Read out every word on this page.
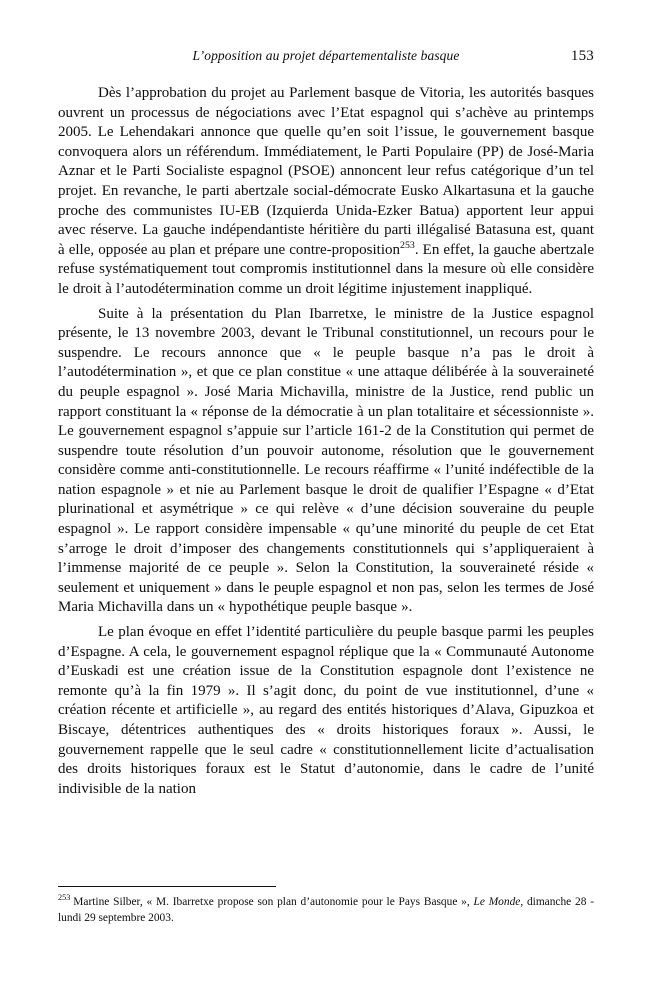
L’opposition au projet départementaliste basque	153

Dès l’approbation du projet au Parlement basque de Vitoria, les autorités basques ouvrent un processus de négociations avec l’Etat espagnol qui s’achève au printemps 2005. Le Lehendakari annonce que quelle qu’en soit l’issue, le gouvernement basque convoquera alors un référendum. Immédiatement, le Parti Populaire (PP) de José-Maria Aznar et le Parti Socialiste espagnol (PSOE) annoncent leur refus catégorique d’un tel projet. En revanche, le parti abertzale social-démocrate Eusko Alkartasuna et la gauche proche des communistes IU-EB (Izquierda Unida-Ezker Batua) apportent leur appui avec réserve. La gauche indépendantiste héritière du parti illégalisé Batasuna est, quant à elle, opposée au plan et prépare une contre-proposition$^{253}$. En effet, la gauche abertzale refuse systématiquement tout compromis institutionnel dans la mesure où elle considère le droit à l’autodétermination comme un droit légitime injustement inappliqué.

Suite à la présentation du Plan Ibarretxe, le ministre de la Justice espagnol présente, le 13 novembre 2003, devant le Tribunal constitutionnel, un recours pour le suspendre. Le recours annonce que « le peuple basque n’a pas le droit à l’autodétermination », et que ce plan constitue « une attaque délibérée à la souveraineté du peuple espagnol ». José Maria Michavilla, ministre de la Justice, rend public un rapport constituant la « réponse de la démocratie à un plan totalitaire et sécessionniste ». Le gouvernement espagnol s’appuie sur l’article 161-2 de la Constitution qui permet de suspendre toute résolution d’un pouvoir autonome, résolution que le gouvernement considère comme anti-constitutionnelle. Le recours réaffirme « l’unité indéfectible de la nation espagnole » et nie au Parlement basque le droit de qualifier l’Espagne « d’Etat plurinational et asymétrique » ce qui relève « d’une décision souveraine du peuple espagnol ». Le rapport considère impensable « qu’une minorité du peuple de cet Etat s’arroge le droit d’imposer des changements constitutionnels qui s’appliqueraient à l’immense majorité de ce peuple ». Selon la Constitution, la souveraineté réside « seulement et uniquement » dans le peuple espagnol et non pas, selon les termes de José Maria Michavilla dans un « hypothétique peuple basque ».

Le plan évoque en effet l’identité particulière du peuple basque parmi les peuples d’Espagne. A cela, le gouvernement espagnol réplique que la « Communauté Autonome d’Euskadi est une création issue de la Constitution espagnole dont l’existence ne remonte qu’à la fin 1979 ». Il s’agit donc, du point de vue institutionnel, d’une « création récente et artificielle », au regard des entités historiques d’Alava, Gipuzkoa et Biscaye, détentrices authentiques des « droits historiques foraux ». Aussi, le gouvernement rappelle que le seul cadre « constitutionnellement licite d’actualisation des droits historiques foraux est le Statut d’autonomie, dans le cadre de l’unité indivisible de la nation

$^{253}$ Martine Silber, « M. Ibarretxe propose son plan d’autonomie pour le Pays Basque », Le Monde, dimanche 28 - lundi 29 septembre 2003.
